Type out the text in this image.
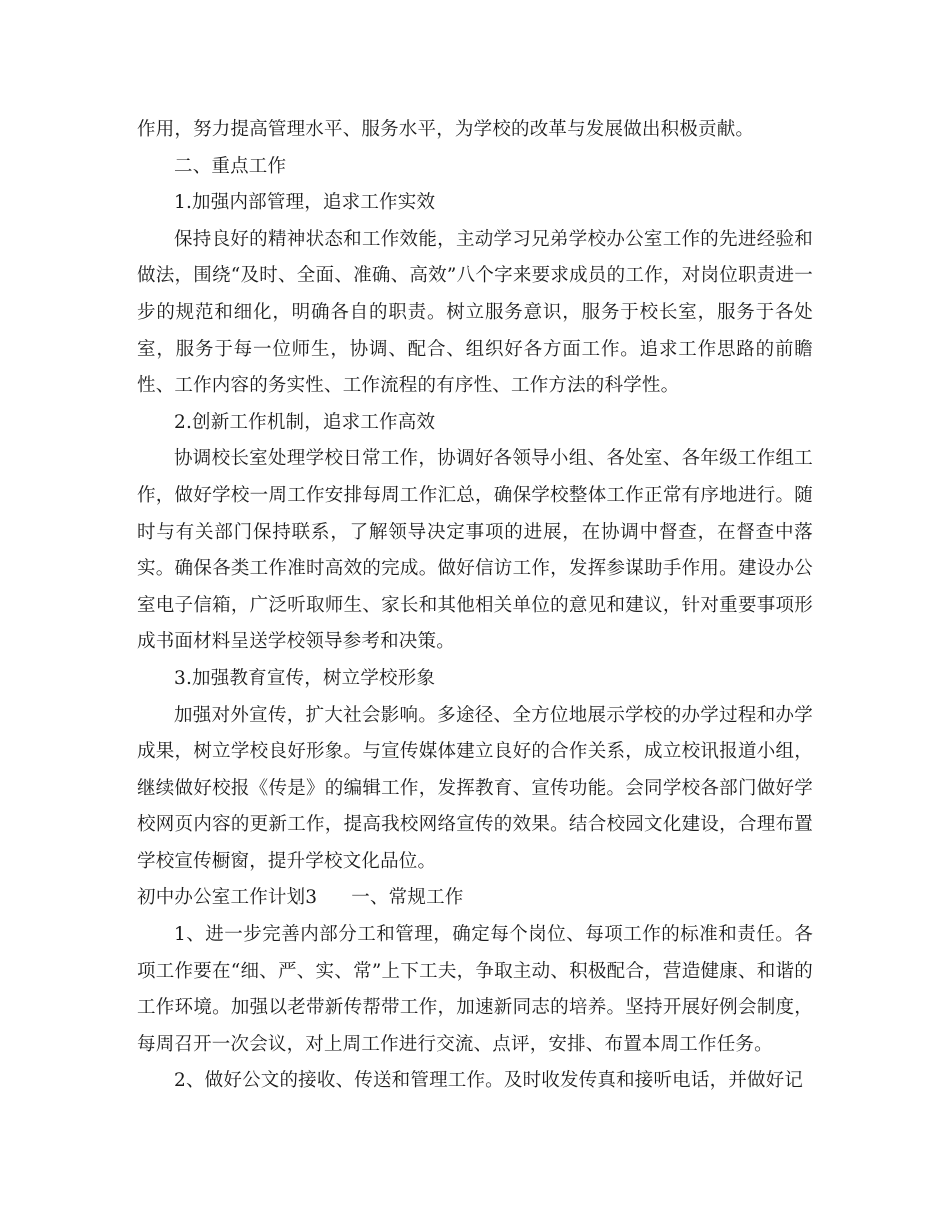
作用，努力提高管理水平、服务水平，为学校的改革与发展做出积极贡献。

二、重点工作

1.加强内部管理，追求工作实效

保持良好的精神状态和工作效能，主动学习兄弟学校办公室工作的先进经验和做法，围绕“及时、全面、准确、高效”八个字来要求成员的工作，对岗位职责进一步的规范和细化，明确各自的职责。树立服务意识，服务于校长室，服务于各处室，服务于每一位师生，协调、配合、组织好各方面工作。追求工作思路的前瞻性、工作内容的务实性、工作流程的有序性、工作方法的科学性。

2.创新工作机制，追求工作高效

协调校长室处理学校日常工作，协调好各领导小组、各处室、各年级工作组工作，做好学校一周工作安排每周工作汇总，确保学校整体工作正常有序地进行。随时与有关部门保持联系，了解领导决定事项的进展，在协调中督查，在督查中落实。确保各类工作准时高效的完成。做好信访工作，发挥参谋助手作用。建设办公室电子信箱，广泛听取师生、家长和其他相关单位的意见和建议，针对重要事项形成书面材料呈送学校领导参考和决策。

3.加强教育宣传，树立学校形象

加强对外宣传，扩大社会影响。多途径、全方位地展示学校的办学过程和办学成果，树立学校良好形象。与宣传媒体建立良好的合作关系，成立校讯报道小组，继续做好校报《传是》的编辑工作，发挥教育、宣传功能。会同学校各部门做好学校网页内容的更新工作，提高我校网络宣传的效果。结合校园文化建设，合理布置学校宣传橱窗，提升学校文化品位。

初中办公室工作计划3 一、常规工作

1、进一步完善内部分工和管理，确定每个岗位、每项工作的标准和责任。各项工作要在“细、严、实、常”上下工夫，争取主动、积极配合，营造健康、和谐的工作环境。加强以老带新传帮带工作，加速新同志的培养。坚持开展好例会制度，每周召开一次会议，对上周工作进行交流、点评，安排、布置本周工作任务。

2、做好公文的接收、传送和管理工作。及时收发传真和接听电话，并做好记
